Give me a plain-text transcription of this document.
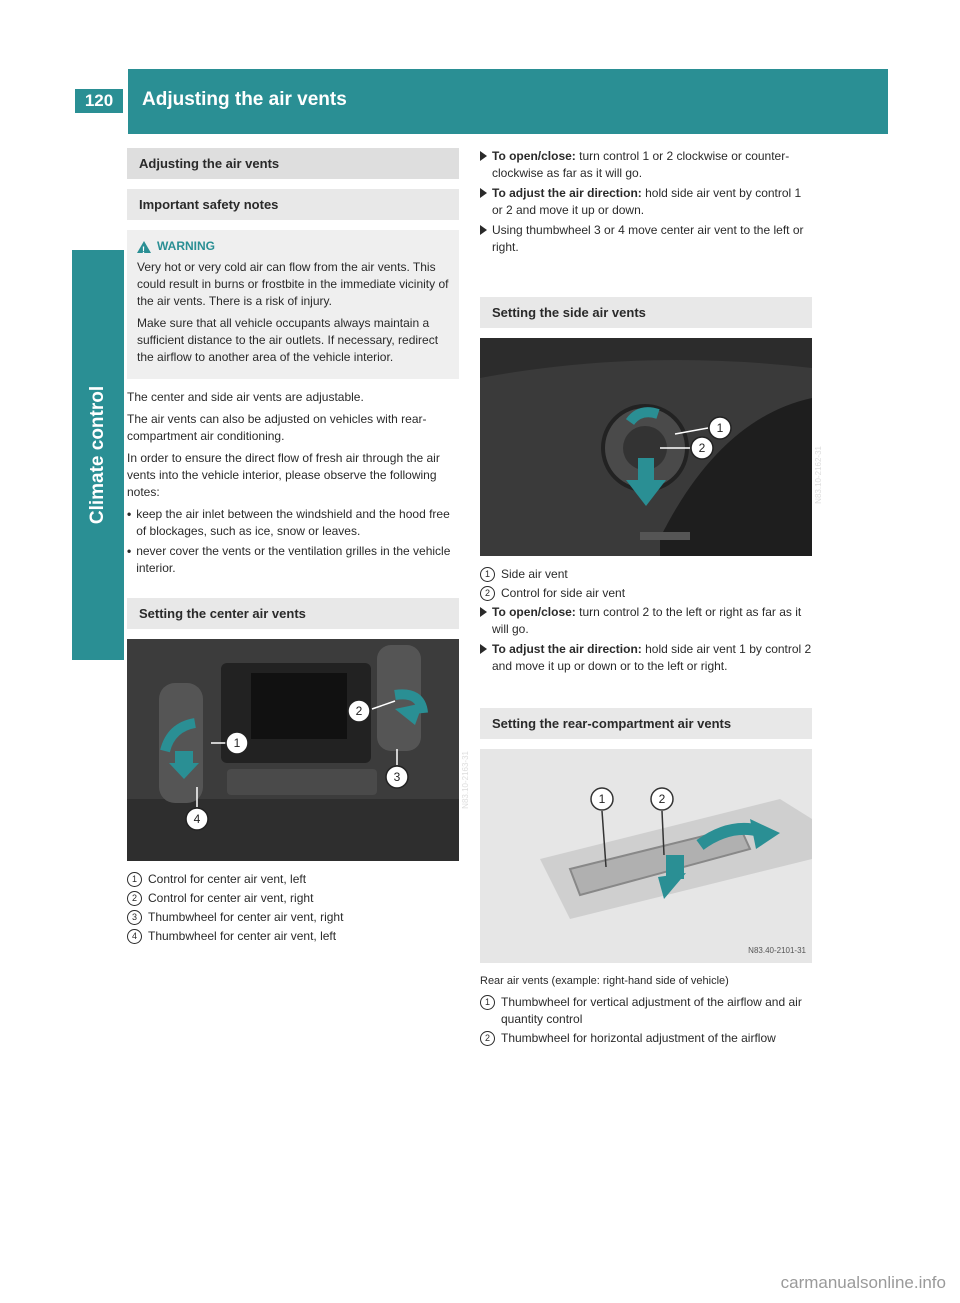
120	Adjusting the air vents
Climate control
Adjusting the air vents
Important safety notes
!
WARNING

Very hot or very cold air can flow from the air vents. This could result in burns or frostbite in the immediate vicinity of the air vents. There is a risk of injury.

Make sure that all vehicle occupants always maintain a sufficient distance to the air outlets. If necessary, redirect the airflow to another area of the vehicle interior.

The center and side air vents are adjustable.

The air vents can also be adjusted on vehicles with rear-compartment air conditioning.

In order to ensure the direct flow of fresh air through the air vents into the vehicle interior, please observe the following notes:

• keep the air inlet between the windshield and the hood free of blockages, such as ice, snow or leaves.
• never cover the vents or the ventilation grilles in the vehicle interior.
Setting the center air vents
1
2
3
4
N83.10-2163-31
1 Control for center air vent, left
2 Control for center air vent, right
3 Thumbwheel for center air vent, right
4 Thumbwheel for center air vent, left
To open/close: turn control 1 or 2 clockwise or counter-clockwise as far as it will go.
To adjust the air direction: hold side air vent by control 1 or 2 and move it up or down.
Using thumbwheel 3 or 4 move center air vent to the left or right.
Setting the side air vents
1
2	N83.10-2162-31
1 Side air vent
2 Control for side air vent
To open/close: turn control 2 to the left or right as far as it will go.
To adjust the air direction: hold side air vent 1 by control 2 and move it up or down or to the left or right.
Setting the rear-compartment air vents
1	2
N83.40-2101-31

Rear air vents (example: right-hand side of vehicle)

1 Thumbwheel for vertical adjustment of the airflow and air quantity control
2 Thumbwheel for horizontal adjustment of the airflow
carmanualsonline.info
